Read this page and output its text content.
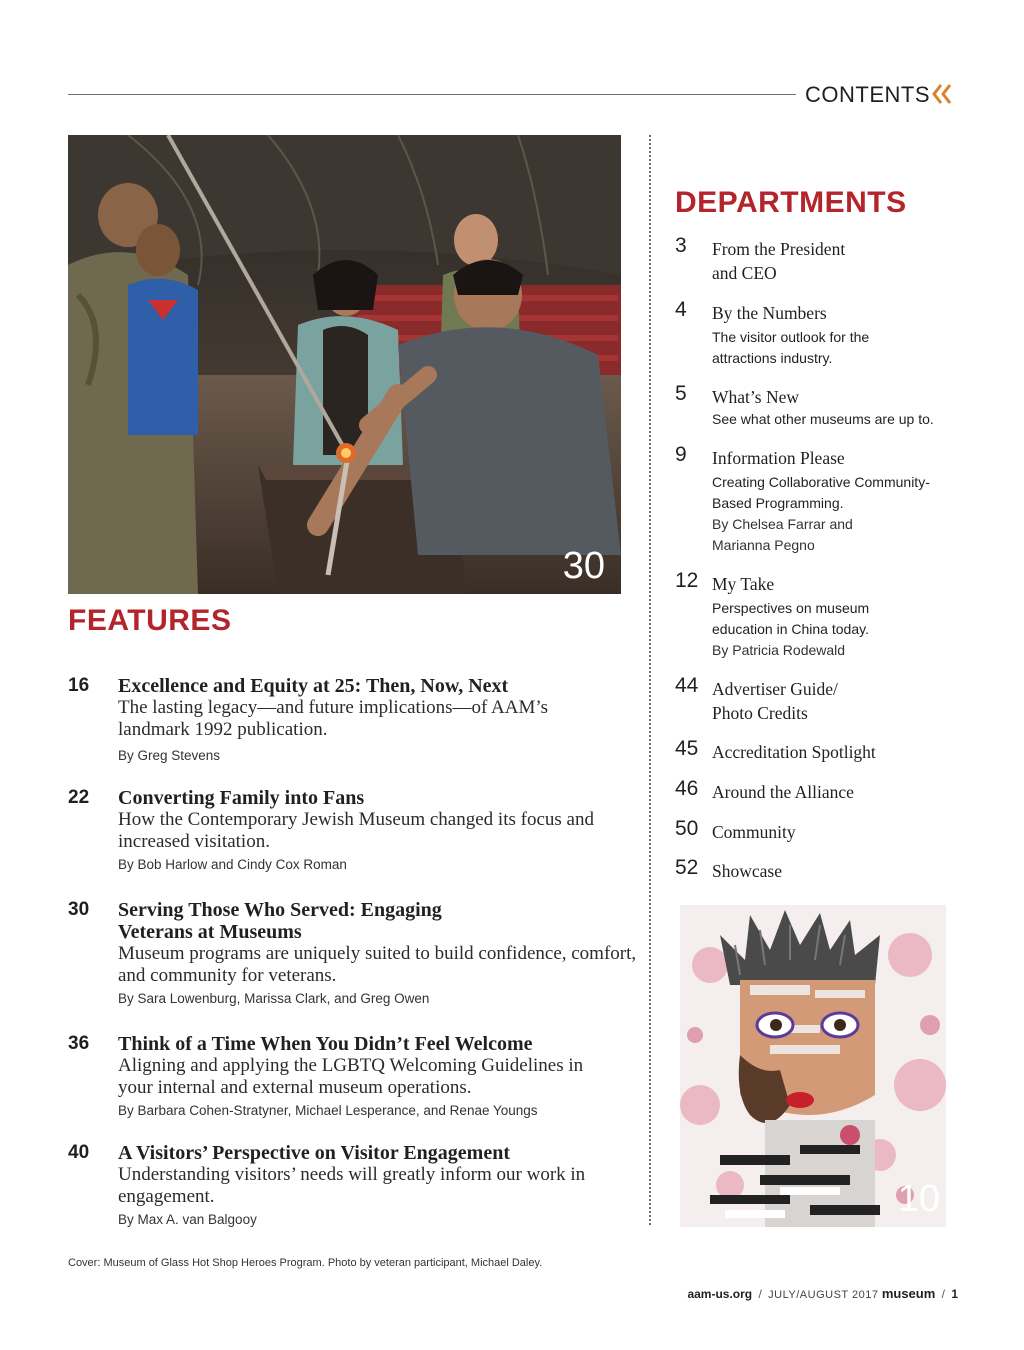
CONTENTS
30
FEATURES
16 Excellence and Equity at 25: Then, Now, Next
The lasting legacy—and future implications—of AAM’s landmark 1992 publication.
By Greg Stevens
22 Converting Family into Fans
How the Contemporary Jewish Museum changed its focus and increased visitation.
By Bob Harlow and Cindy Cox Roman
30 Serving Those Who Served: Engaging Veterans at Museums
Museum programs are uniquely suited to build confidence, comfort, and community for veterans.
By Sara Lowenburg, Marissa Clark, and Greg Owen
36 Think of a Time When You Didn’t Feel Welcome
Aligning and applying the LGBTQ Welcoming Guidelines in your internal and external museum operations.
By Barbara Cohen-Stratyner, Michael Lesperance, and Renae Youngs
40 A Visitors’ Perspective on Visitor Engagement
Understanding visitors’ needs will greatly inform our work in engagement.
By Max A. van Balgooy
DEPARTMENTS
3 From the President and CEO
4 By the Numbers
The visitor outlook for the attractions industry.
5 What’s New
See what other museums are up to.
9 Information Please
Creating Collaborative Community-Based Programming.
By Chelsea Farrar and Marianna Pegno
12 My Take
Perspectives on museum education in China today.
By Patricia Rodewald
44 Advertiser Guide/ Photo Credits
45 Accreditation Spotlight
46 Around the Alliance
50 Community
52 Showcase
10
Cover: Museum of Glass Hot Shop Heroes Program. Photo by veteran participant, Michael Daley.
aam-us.org / JULY/AUGUST 2017 museum / 1
